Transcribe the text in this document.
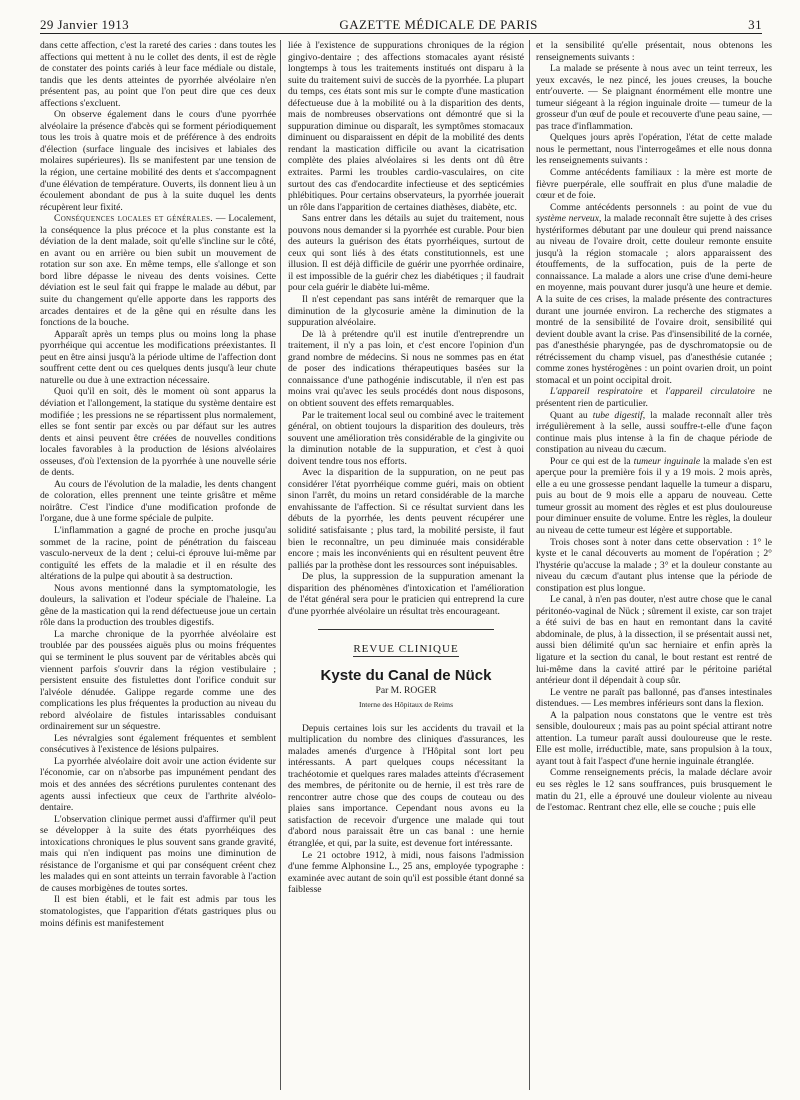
29 Janvier 1913	GAZETTE MÉDICALE DE PARIS	31

dans cette affection, c'est la rareté des caries : dans toutes les affections qui mettent à nu le collet des dents, il est de règle de constater des points cariés à leur face médiale ou distale, tandis que les dents atteintes de pyorrhée alvéolaire n'en présentent pas, au point que l'on peut dire que ces deux affections s'excluent.

On observe également dans le cours d'une pyorrhée alvéolaire la présence d'abcès qui se forment périodiquement tous les trois à quatre mois et de préférence à des endroits d'élection (surface linguale des incisives et labiales des molaires supérieures). Ils se manifestent par une tension de la région, une certaine mobilité des dents et s'accompagnent d'une élévation de température. Ouverts, ils donnent lieu à un écoulement abondant de pus à la suite duquel les dents récupèrent leur fixité.

Conséquences locales et générales. — Localement, la conséquence la plus précoce et la plus constante est la déviation de la dent malade, soit qu'elle s'incline sur le côté, en avant ou en arrière ou bien subit un mouvement de rotation sur son axe. En même temps, elle s'allonge et son bord libre dépasse le niveau des dents voisines. Cette déviation est le seul fait qui frappe le malade au début, par suite du changement qu'elle apporte dans les rapports des arcades dentaires et de la gêne qui en résulte dans les fonctions de la bouche.

Apparaît après un temps plus ou moins long la phase pyorrhéique qui accentue les modifications préexistantes. Il peut en être ainsi jusqu'à la période ultime de l'affection dont souffrent cette dent ou ces quelques dents jusqu'à leur chute naturelle ou due à une extraction nécessaire.

Quoi qu'il en soit, dès le moment où sont apparus la déviation et l'allongement, la statique du système dentaire est modifiée ; les pressions ne se répartissent plus normalement, elles se font sentir par excès ou par défaut sur les autres dents et ainsi peuvent être créées de nouvelles conditions locales favorables à la production de lésions alvéolaires osseuses, d'où l'extension de la pyorrhée à une nouvelle série de dents.

Au cours de l'évolution de la maladie, les dents changent de coloration, elles prennent une teinte grisâtre et même noirâtre. C'est l'indice d'une modification profonde de l'organe, due à une forme spéciale de pulpite.

L'inflammation a gagné de proche en proche jusqu'au sommet de la racine, point de pénétration du faisceau vasculo-nerveux de la dent ; celui-ci éprouve lui-même par contiguïté les effets de la maladie et il en résulte des altérations de la pulpe qui aboutit à sa destruction.

Nous avons mentionné dans la symptomatologie, les douleurs, la salivation et l'odeur spéciale de l'haleine. La gêne de la mastication qui la rend défectueuse joue un certain rôle dans la production des troubles digestifs.

La marche chronique de la pyorrhée alvéolaire est troublée par des poussées aiguës plus ou moins fréquentes qui se terminent le plus souvent par de véritables abcès qui viennent parfois s'ouvrir dans la région vestibulaire ; persistent ensuite des fistulettes dont l'orifice conduit sur l'alvéole dénudée. Galippe regarde comme une des complications les plus fréquentes la production au niveau du rebord alvéolaire de fistules intarissables conduisant ordinairement sur un séquestre.

Les névralgies sont également fréquentes et semblent consécutives à l'existence de lésions pulpaires.

La pyorrhée alvéolaire doit avoir une action évidente sur l'économie, car on n'absorbe pas impunément pendant des mois et des années des sécrétions purulentes contenant des agents aussi infectieux que ceux de l'arthrite alvéolo-dentaire.

L'observation clinique permet aussi d'affirmer qu'il peut se développer à la suite des états pyorrhéiques des intoxications chroniques le plus souvent sans grande gravité, mais qui n'en indiquent pas moins une diminution de résistance de l'organisme et qui par conséquent créent chez les malades qui en sont atteints un terrain favorable à l'action de causes morbigènes de toutes sortes.

Il est bien établi, et le fait est admis par tous les stomatologistes, que l'apparition d'états gastriques plus ou moins définis est manifestement

liée à l'existence de suppurations chroniques de la région gingivo-dentaire ; des affections stomacales ayant résisté longtemps à tous les traitements institués ont disparu à la suite du traitement suivi de succès de la pyorrhée. La plupart du temps, ces états sont mis sur le compte d'une mastication défectueuse due à la mobilité ou à la disparition des dents, mais de nombreuses observations ont démontré que si la suppuration diminue ou disparaît, les symptômes stomacaux diminuent ou disparaissent en dépit de la mobilité des dents rendant la mastication difficile ou avant la cicatrisation complète des plaies alvéolaires si les dents ont dû être extraites. Parmi les troubles cardio-vasculaires, on cite surtout des cas d'endocardite infectieuse et des septicémies phlébitiques. Pour certains observateurs, la pyorrhée jouerait un rôle dans l'apparition de certaines diathèses, diabète, etc.

Sans entrer dans les détails au sujet du traitement, nous pouvons nous demander si la pyorrhée est curable. Pour bien des auteurs la guérison des états pyorrhéiques, surtout de ceux qui sont liés à des états constitutionnels, est une illusion. Il est déjà difficile de guérir une pyorrhée ordinaire, il est impossible de la guérir chez les diabétiques ; il faudrait pour cela guérir le diabète lui-même.

Il n'est cependant pas sans intérêt de remarquer que la diminution de la glycosurie amène la diminution de la suppuration alvéolaire.

De là à prétendre qu'il est inutile d'entreprendre un traitement, il n'y a pas loin, et c'est encore l'opinion d'un grand nombre de médecins. Si nous ne sommes pas en état de poser des indications thérapeutiques basées sur la connaissance d'une pathogénie indiscutable, il n'en est pas moins vrai qu'avec les seuls procédés dont nous disposons, on obtient souvent des effets remarquables.

Par le traitement local seul ou combiné avec le traitement général, on obtient toujours la disparition des douleurs, très souvent une amélioration très considérable de la gingivite ou la diminution notable de la suppuration, et c'est à quoi doivent tendre tous nos efforts.

Avec la disparition de la suppuration, on ne peut pas considérer l'état pyorrhéique comme guéri, mais on obtient sinon l'arrêt, du moins un retard considérable de la marche envahissante de l'affection. Si ce résultat survient dans les débuts de la pyorrhée, les dents peuvent récupérer une solidité satisfaisante ; plus tard, la mobilité persiste, il faut bien le reconnaître, un peu diminuée mais considérable encore ; mais les inconvénients qui en résultent peuvent être palliés par la prothèse dont les ressources sont inépuisables.

De plus, la suppression de la suppuration amenant la disparition des phénomènes d'intoxication et l'amélioration de l'état général sera pour le praticien qui entreprend la cure d'une pyorrhée alvéolaire un résultat très encourageant.

REVUE CLINIQUE
Kyste du Canal de Nück
Par M. ROGER
Interne des Hôpitaux de Reims

Depuis certaines lois sur les accidents du travail et la multiplication du nombre des cliniques d'assurances, les malades amenés d'urgence à l'Hôpital sont lort peu intéressants. A part quelques coups nécessitant la trachéotomie et quelques rares malades atteints d'écrasement des membres, de péritonite ou de hernie, il est très rare de rencontrer autre chose que des coups de couteau ou des plaies sans importance. Cependant nous avons eu la satisfaction de recevoir d'urgence une malade qui tout d'abord nous paraissait être un cas banal : une hernie étranglée, et qui, par la suite, est devenue fort intéressante.

Le 21 octobre 1912, à midi, nous faisons l'admission d'une femme Alphonsine L., 25 ans, employée typographe : examinée avec autant de soin qu'il est possible étant donné sa faiblesse

et la sensibilité qu'elle présentait, nous obtenons les renseignements suivants :

La malade se présente à nous avec un teint terreux, les yeux excavés, le nez pincé, les joues creuses, la bouche entr'ouverte. — Se plaignant énormément elle montre une tumeur siégeant à la région inguinale droite — tumeur de la grosseur d'un œuf de poule et recouverte d'une peau saine, — pas trace d'inflammation.

Quelques jours après l'opération, l'état de cette malade nous le permettant, nous l'interrogeâmes et elle nous donna les renseignements suivants :

Comme antécédents familiaux : la mère est morte de fièvre puerpérale, elle souffrait en plus d'une maladie de cœur et de foie.

Comme antécédents personnels : au point de vue du système nerveux, la malade reconnaît être sujette à des crises hystériformes débutant par une douleur qui prend naissance au niveau de l'ovaire droit, cette douleur remonte ensuite jusqu'à la région stomacale ; alors apparaissent des étouffements, de la suffocation, puis de la perte de connaissance. La malade a alors une crise d'une demi-heure en moyenne, mais pouvant durer jusqu'à une heure et demie. A la suite de ces crises, la malade présente des contractures durant une journée environ. La recherche des stigmates a montré de la sensibilité de l'ovaire droit, sensibilité qui devient double avant la crise. Pas d'insensibilité de la cornée, pas d'anesthésie pharyngée, pas de dyschromatopsie ou de rétrécissement du champ visuel, pas d'anesthésie cutanée ; comme zones hystérogènes : un point ovarien droit, un point stomacal et un point occipital droit.

L'appareil respiratoire et l'appareil circulatoire ne présentent rien de particulier.

Quant au tube digestif, la malade reconnaît aller très irrégulièrement à la selle, aussi souffre-t-elle d'une façon continue mais plus intense à la fin de chaque période de constipation au niveau du cæcum.

Pour ce qui est de la tumeur inguinale la malade s'en est aperçue pour la première fois il y a 19 mois. 2 mois après, elle a eu une grossesse pendant laquelle la tumeur a disparu, puis au bout de 9 mois elle a apparu de nouveau. Cette tumeur grossit au moment des règles et est plus douloureuse pour diminuer ensuite de volume. Entre les règles, la douleur au niveau de cette tumeur est légère et supportable.

Trois choses sont à noter dans cette observation : 1° le kyste et le canal découverts au moment de l'opération ; 2° l'hystérie qu'accuse la malade ; 3° et la douleur constante au niveau du cæcum d'autant plus intense que la période de constipation est plus longue.

Le canal, à n'en pas douter, n'est autre chose que le canal péritonéo-vaginal de Nück ; sûrement il existe, car son trajet a été suivi de bas en haut en remontant dans la cavité abdominale, de plus, à la dissection, il se présentait aussi net, aussi bien délimité qu'un sac herniaire et enfin après la ligature et la section du canal, le bout restant est rentré de lui-même dans la cavité attiré par le péritoine pariétal antérieur dont il dépendait à coup sûr.

Le ventre ne paraît pas ballonné, pas d'anses intestinales distendues. — Les membres inférieurs sont dans la flexion.

A la palpation nous constatons que le ventre est très sensible, douloureux ; mais pas au point spécial attirant notre attention. La tumeur paraît aussi douloureuse que le reste. Elle est molle, irréductible, mate, sans propulsion à la toux, ayant tout à fait l'aspect d'une hernie inguinale étranglée.

Comme renseignements précis, la malade déclare avoir eu ses règles le 12 sans souffrances, puis brusquement le matin du 21, elle a éprouvé une douleur violente au niveau de l'estomac. Rentrant chez elle, elle se couche ; puis elle
